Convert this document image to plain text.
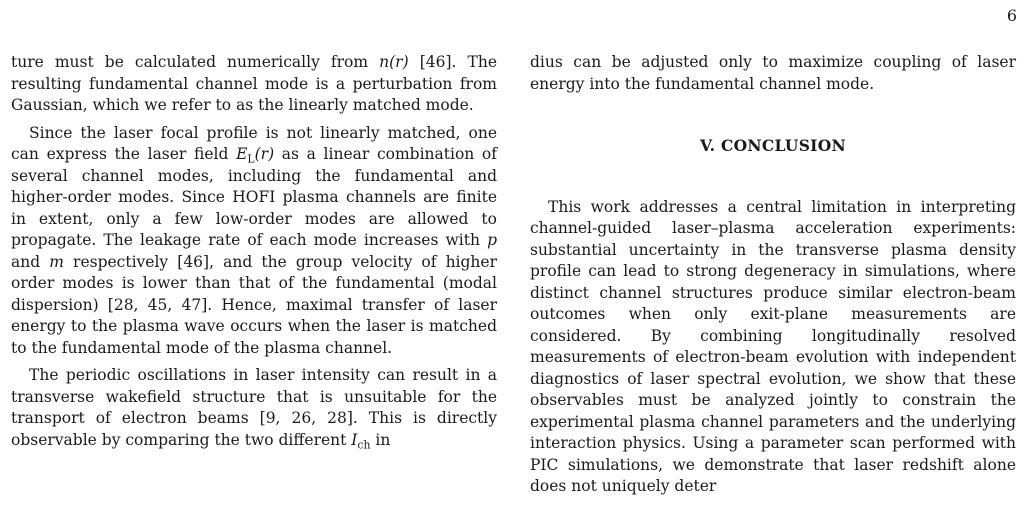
6

ture must be calculated numerically from n(r) [46]. The resulting fundamental channel mode is a perturbation from Gaussian, which we refer to as the linearly matched mode.

Since the laser focal profile is not linearly matched, one can express the laser field $E_L(r)$ as a linear combination of several channel modes, including the fundamental and higher-order modes. Since HOFI plasma channels are finite in extent, only a few low-order modes are allowed to propagate. The leakage rate of each mode increases with p and m respectively [46], and the group velocity of higher order modes is lower than that of the fundamental (modal dispersion) [28, 45, 47]. Hence, maximal transfer of laser energy to the plasma wave occurs when the laser is matched to the fundamental mode of the plasma channel.

The periodic oscillations in laser intensity can result in a transverse wakefield structure that is unsuitable for the transport of electron beams [9, 26, 28]. This is directly observable by comparing the two different $I_{ch}$ in

dius can be adjusted only to maximize coupling of laser energy into the fundamental channel mode.

V. CONCLUSION

This work addresses a central limitation in interpreting channel-guided laser–plasma acceleration experiments: substantial uncertainty in the transverse plasma density profile can lead to strong degeneracy in simulations, where distinct channel structures produce similar electron-beam outcomes when only exit-plane measurements are considered. By combining longitudinally resolved measurements of electron-beam evolution with independent diagnostics of laser spectral evolution, we show that these observables must be analyzed jointly to constrain the experimental plasma channel parameters and the underlying interaction physics. Using a parameter scan performed with PIC simulations, we demonstrate that laser redshift alone does not uniquely deter
